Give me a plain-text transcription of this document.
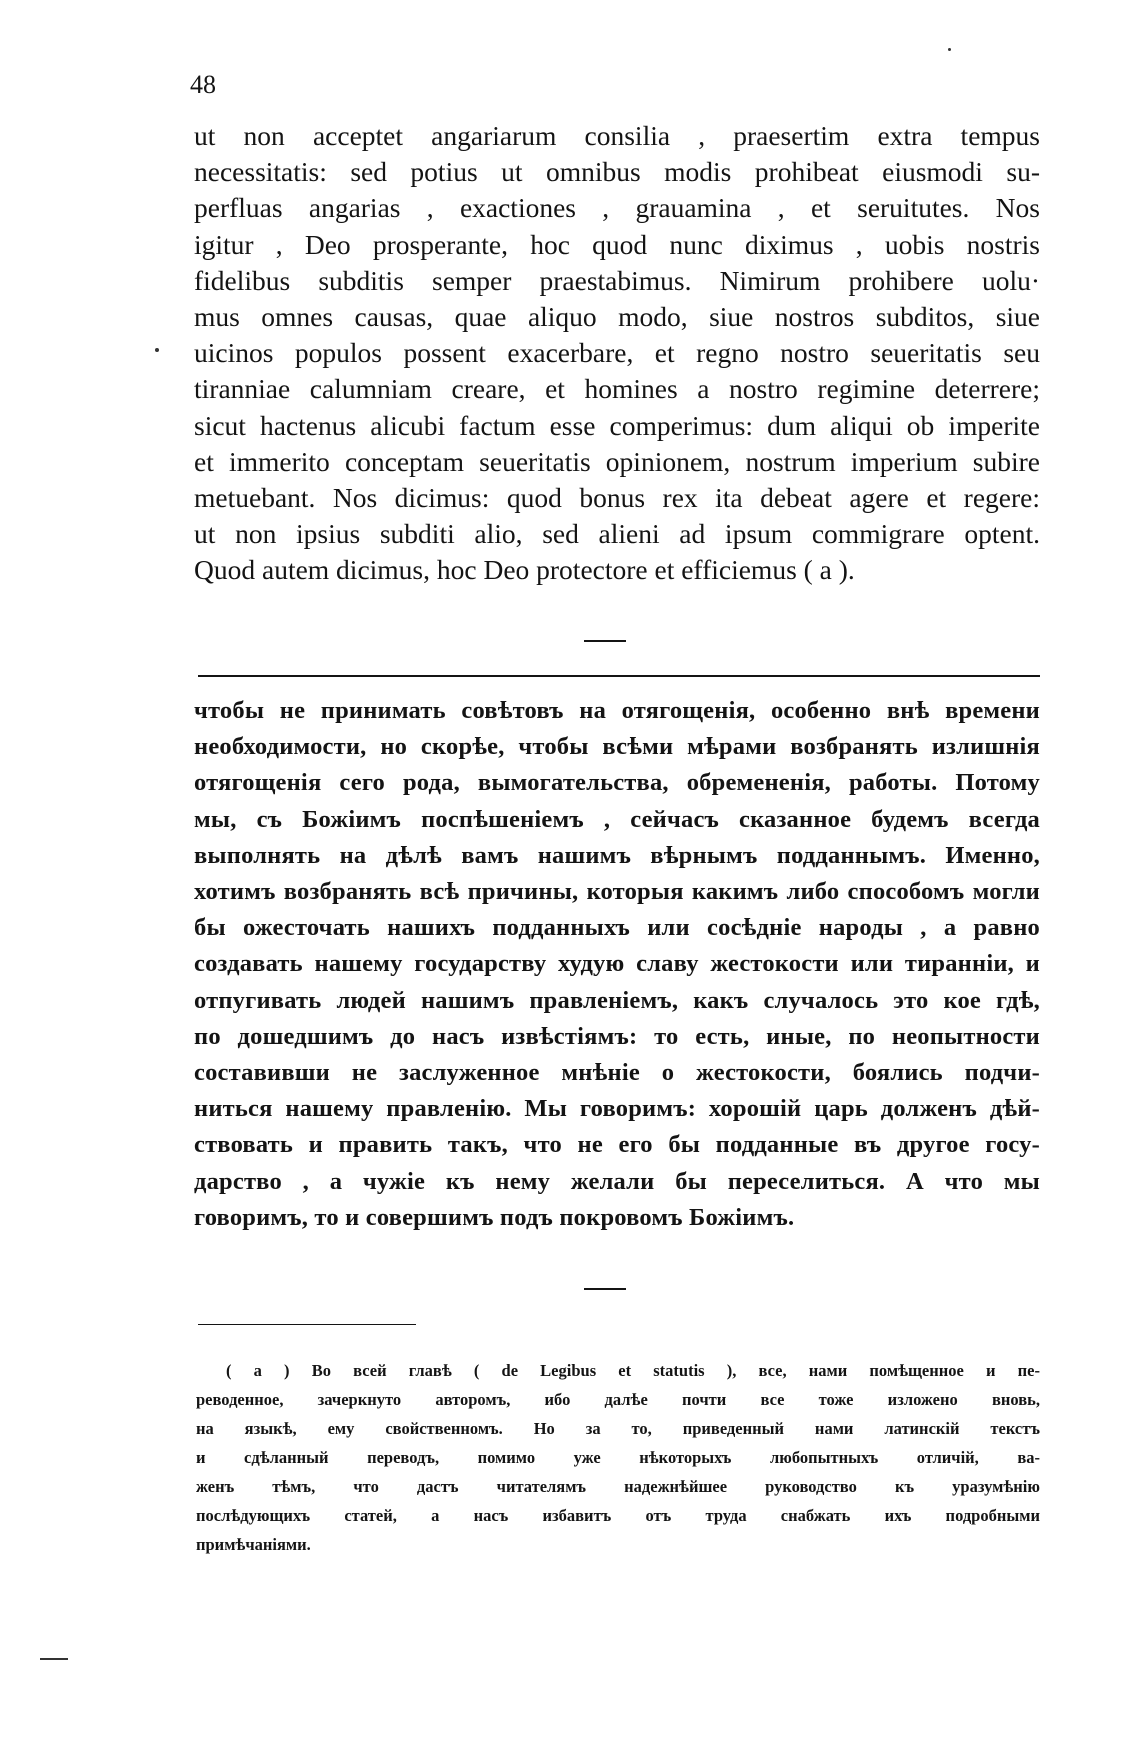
48
ut non acceptet angariarum consilia , praesertim extra tempus
necessitatis: sed potius ut omnibus modis prohibeat eiusmodi su-
perfluas angarias , exactiones , grauamina , et seruitutes. Nos
igitur , Deo prosperante, hoc quod nunc diximus , uobis nostris
fidelibus subditis semper praestabimus. Nimirum prohibere uolu·
mus omnes causas, quae aliquo modo, siue nostros subditos, siue
uicinos populos possent exacerbare, et regno nostro seueritatis seu
tiranniae calumniam creare, et homines a nostro regimine deterrere;
sicut hactenus alicubi factum esse comperimus: dum aliqui ob imperite
et immerito conceptam seueritatis opinionem, nostrum imperium subire
metuebant. Nos dicimus: quod bonus rex ita debeat agere et regere:
ut non ipsius subditi alio, sed alieni ad ipsum commigrare optent.
Quod autem dicimus, hoc Deo protectore et efficiemus ( a ).
чтобы не принимать совѣтовъ на отягощенія, особенно внѣ времени
необходимости, но скорѣе, чтобы всѣми мѣрами возбранять излишнія
отягощенія сего рода, вымогательства, обремененія, работы. Потому
мы, съ Божіимъ поспѣшеніемъ , сейчасъ сказанное будемъ всегда
выполнять на дѣлѣ вамъ нашимъ вѣрнымъ подданнымъ. Именно,
хотимъ возбранять всѣ причины, которыя какимъ либо способомъ могли
бы ожесточать нашихъ подданныхъ или сосѣдніе народы , а равно
создавать нашему государству худую славу жестокости или тиранніи, и
отпугивать людей нашимъ правленіемъ, какъ случалось это кое гдѣ,
по дошедшимъ до насъ извѣстіямъ: то есть, иные, по неопытности
составивши не заслуженное мнѣніе о жестокости, боялись подчи-
ниться нашему правленію. Мы говоримъ: хорошій царь долженъ дѣй-
ствовать и править такъ, что не его бы подданные въ другое госу-
дарство , а чужіе къ нему желали бы переселиться. А что мы
говоримъ, то и совершимъ подъ покровомъ Божіимъ.
( а ) Во всей главѣ ( de Legibus et statutis ), все, нами помѣщенное и пе-
реводенное, зачеркнуто авторомъ, ибо далѣе почти все тоже изложено вновь,
на языкѣ, ему свойственномъ. Но за то, приведенный нами латинскій текстъ
и сдѣланный переводъ, помимо уже нѣкоторыхъ любопытныхъ отличій, ва-
женъ тѣмъ, что дастъ читателямъ надежнѣйшее руководство къ уразумѣнію
послѣдующихъ статей, а насъ избавитъ отъ труда снабжать ихъ подробными
примѣчаніями.
